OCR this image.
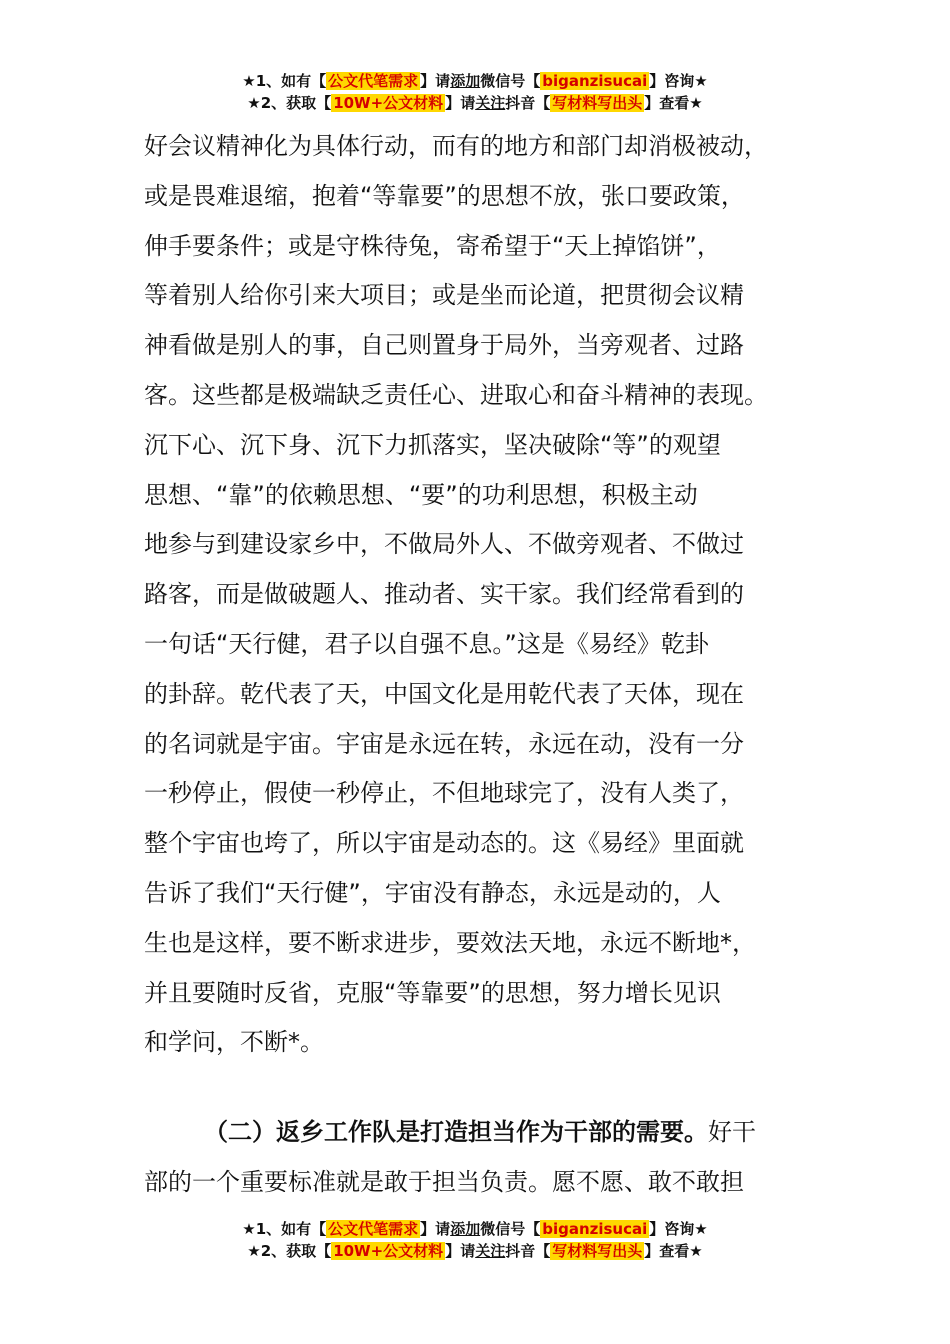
★1、如有【 公文代笔需求 】请添加微信号【 biganzisucai 】咨询★
★2、获取【 10W+公文材料 】请关注抖音【 写材料写出头 】查看★
好会议精神化为具体行动，而有的地方和部门却消极被动，
或是畏难退缩，抱着“等靠要”的思想不放，张口要政策，
伸手要条件；或是守株待兔，寄希望于“天上掉馅饼”，
等着别人给你引来大项目；或是坐而论道，把贯彻会议精
神看做是别人的事，自己则置身于局外，当旁观者、过路
客。这些都是极端缺乏责任心、进取心和奋斗精神的表现。
沉下心、沉下身、沉下力抓落实，坚决破除“等”的观望
思想、“靠”的依赖思想、“要”的功利思想，积极主动
地参与到建设家乡中，不做局外人、不做旁观者、不做过
路客，而是做破题人、推动者、实干家。我们经常看到的
一句话“天行健，君子以自强不息。”这是《易经》乾卦
的卦辞。乾代表了天，中国文化是用乾代表了天体，现在
的名词就是宇宙。宇宙是永远在转，永远在动，没有一分
一秒停止，假使一秒停止，不但地球完了，没有人类了，
整个宇宙也垮了，所以宇宙是动态的。这《易经》里面就
告诉了我们“天行健”，宇宙没有静态，永远是动的，人
生也是这样，要不断求进步，要效法天地，永远不断地*，
并且要随时反省，克服“等靠要”的思想，努力增长见识
和学问，不断*。
（二）返乡工作队是打造担当作为干部的需要。好干
部的一个重要标准就是敢于担当负责。愿不愿、敢不敢担
★1、如有【 公文代笔需求 】请添加微信号【 biganzisucai 】咨询★
★2、获取【 10W+公文材料 】请关注抖音【 写材料写出头 】查看★
